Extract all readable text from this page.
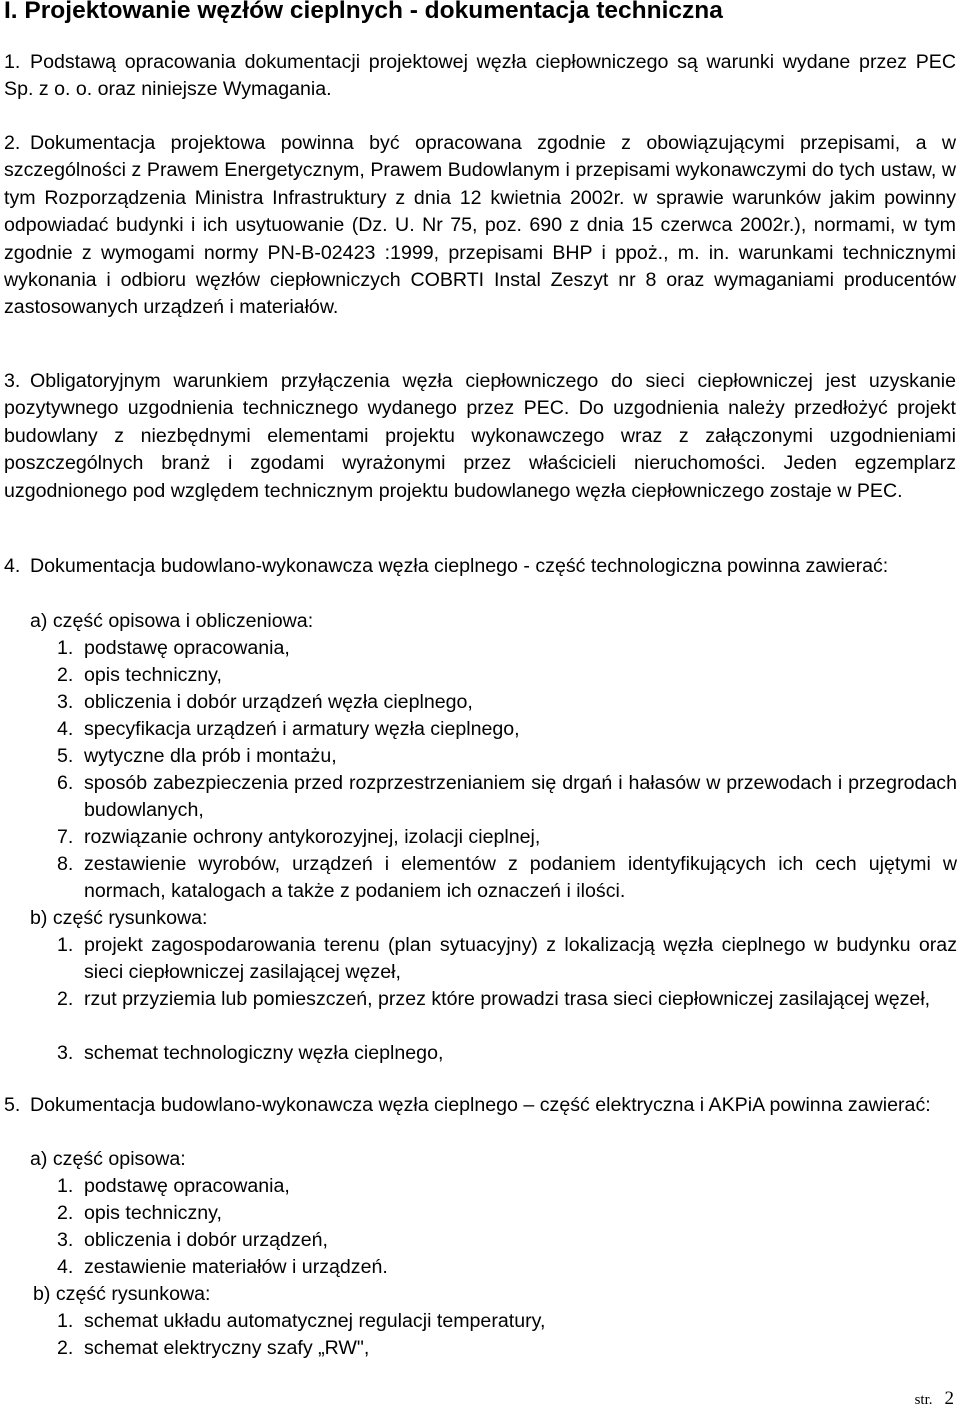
I. Projektowanie węzłów cieplnych - dokumentacja techniczna
1. Podstawą opracowania dokumentacji projektowej węzła ciepłowniczego są warunki wydane przez PEC Sp. z o. o. oraz niniejsze Wymagania.
2. Dokumentacja projektowa powinna być opracowana zgodnie z obowiązującymi przepisami, a w szczególności z Prawem Energetycznym, Prawem Budowlanym i przepisami wykonawczymi do tych ustaw, w tym Rozporządzenia Ministra Infrastruktury z dnia 12 kwietnia 2002r. w sprawie warunków jakim powinny odpowiadać budynki i ich usytuowanie (Dz. U. Nr 75, poz. 690 z dnia 15 czerwca 2002r.), normami, w tym zgodnie z wymogami normy PN-B-02423 :1999, przepisami BHP i ppoż., m. in. warunkami technicznymi wykonania i odbioru węzłów ciepłowniczych COBRTI Instal Zeszyt nr 8 oraz wymaganiami producentów zastosowanych urządzeń i materiałów.
3. Obligatoryjnym warunkiem przyłączenia węzła ciepłowniczego do sieci ciepłowniczej jest uzyskanie pozytywnego uzgodnienia technicznego wydanego przez PEC. Do uzgodnienia należy przedłożyć projekt budowlany z niezbędnymi elementami projektu wykonawczego wraz z załączonymi uzgodnieniami poszczególnych branż i zgodami wyrażonymi przez właścicieli nieruchomości. Jeden egzemplarz uzgodnionego pod względem technicznym projektu budowlanego węzła ciepłowniczego zostaje w PEC.
4. Dokumentacja budowlano-wykonawcza węzła cieplnego - część technologiczna powinna zawierać:
a) część opisowa i obliczeniowa:
1. podstawę opracowania,
2. opis techniczny,
3. obliczenia i dobór urządzeń węzła cieplnego,
4. specyfikacja urządzeń i armatury węzła cieplnego,
5. wytyczne dla prób i montażu,
6. sposób zabezpieczenia przed rozprzestrzenianiem się drgań i hałasów w przewodach i przegrodach budowlanych,
7. rozwiązanie ochrony antykorozyjnej, izolacji cieplnej,
8. zestawienie wyrobów, urządzeń i elementów z podaniem identyfikujących ich cech ujętymi w normach, katalogach a także z podaniem ich oznaczeń i ilości.
b) część rysunkowa:
1. projekt zagospodarowania terenu (plan sytuacyjny) z lokalizacją węzła cieplnego w budynku oraz sieci ciepłowniczej zasilającej węzeł,
2. rzut przyziemia lub pomieszczeń, przez które prowadzi trasa sieci ciepłowniczej zasilającej węzeł,
3. schemat technologiczny węzła cieplnego,
5. Dokumentacja budowlano-wykonawcza węzła cieplnego – część elektryczna i AKPiA powinna zawierać:
a) część opisowa:
1. podstawę opracowania,
2. opis techniczny,
3. obliczenia i dobór urządzeń,
4. zestawienie materiałów i urządzeń.
b) część rysunkowa:
1. schemat układu automatycznej regulacji temperatury,
2. schemat elektryczny szafy „RW",
str. 2
